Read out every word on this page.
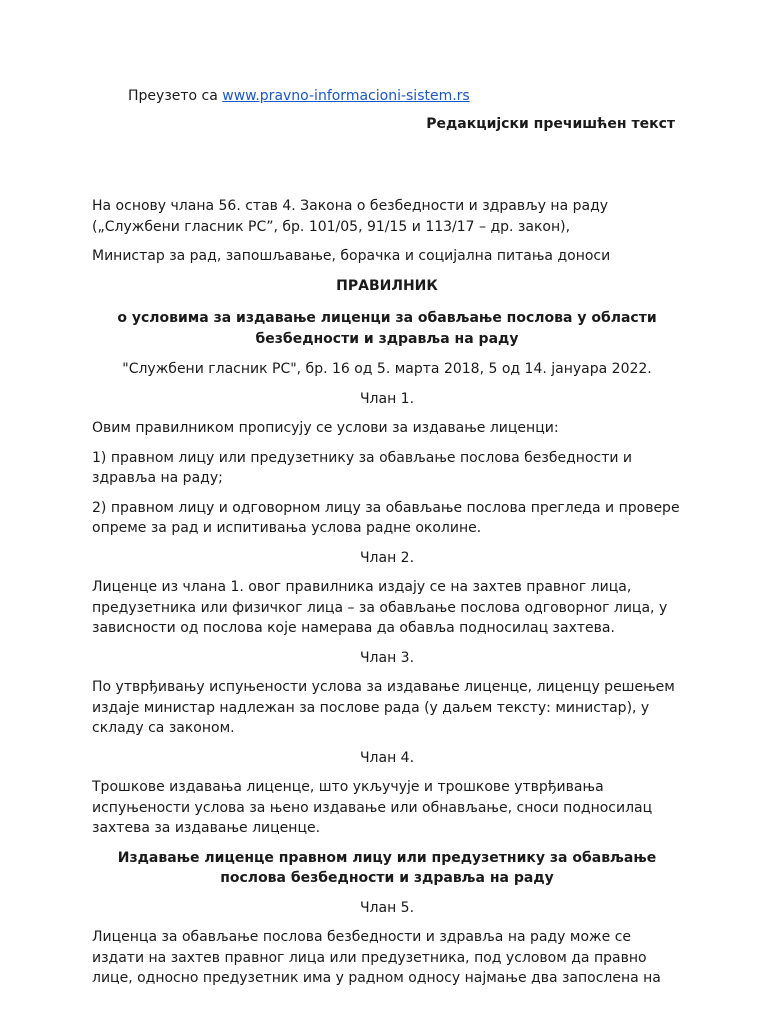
Преузето са www.pravno-informacioni-sistem.rs
Редакцијски пречишћен текст

На основу члана 56. став 4. Закона о безбедности и здрављу на раду („Службени гласник РС”, бр. 101/05, 91/15 и 113/17 – др. закон),

Министар за рад, запошљавање, борачка и социјална питања доноси

ПРАВИЛНИК

о условима за издавање лиценци за обављање послова у области безбедности и здравља на раду

"Службени гласник РС", бр. 16 од 5. марта 2018, 5 од 14. јануара 2022.

Члан 1.

Овим правилником прописују се услови за издавање лиценци:

1) правном лицу или предузетнику за обављање послова безбедности и здравља на раду;

2) правном лицу и одговорном лицу за обављање послова прегледа и провере опреме за рад и испитивања услова радне околине.

Члан 2.

Лиценце из члана 1. овог правилника издају се на захтев правног лица, предузетника или физичког лица – за обављање послова одговорног лица, у зависности од послова које намерава да обавља подносилац захтева.

Члан 3.

По утврђивању испуњености услова за издавање лиценце, лиценцу решењем издаје министар надлежан за послове рада (у даљем тексту: министар), у складу са законом.

Члан 4.

Трошкове издавања лиценце, што укључује и трошкове утврђивања испуњености услова за њено издавање или обнављање, сноси подносилац захтева за издавање лиценце.

Издавање лиценце правном лицу или предузетнику за обављање послова безбедности и здравља на раду

Члан 5.

Лиценца за обављање послова безбедности и здравља на раду може се издати на захтев правног лица или предузетника, под условом да правно лице, односно предузетник има у радном односу најмање два запослена на
